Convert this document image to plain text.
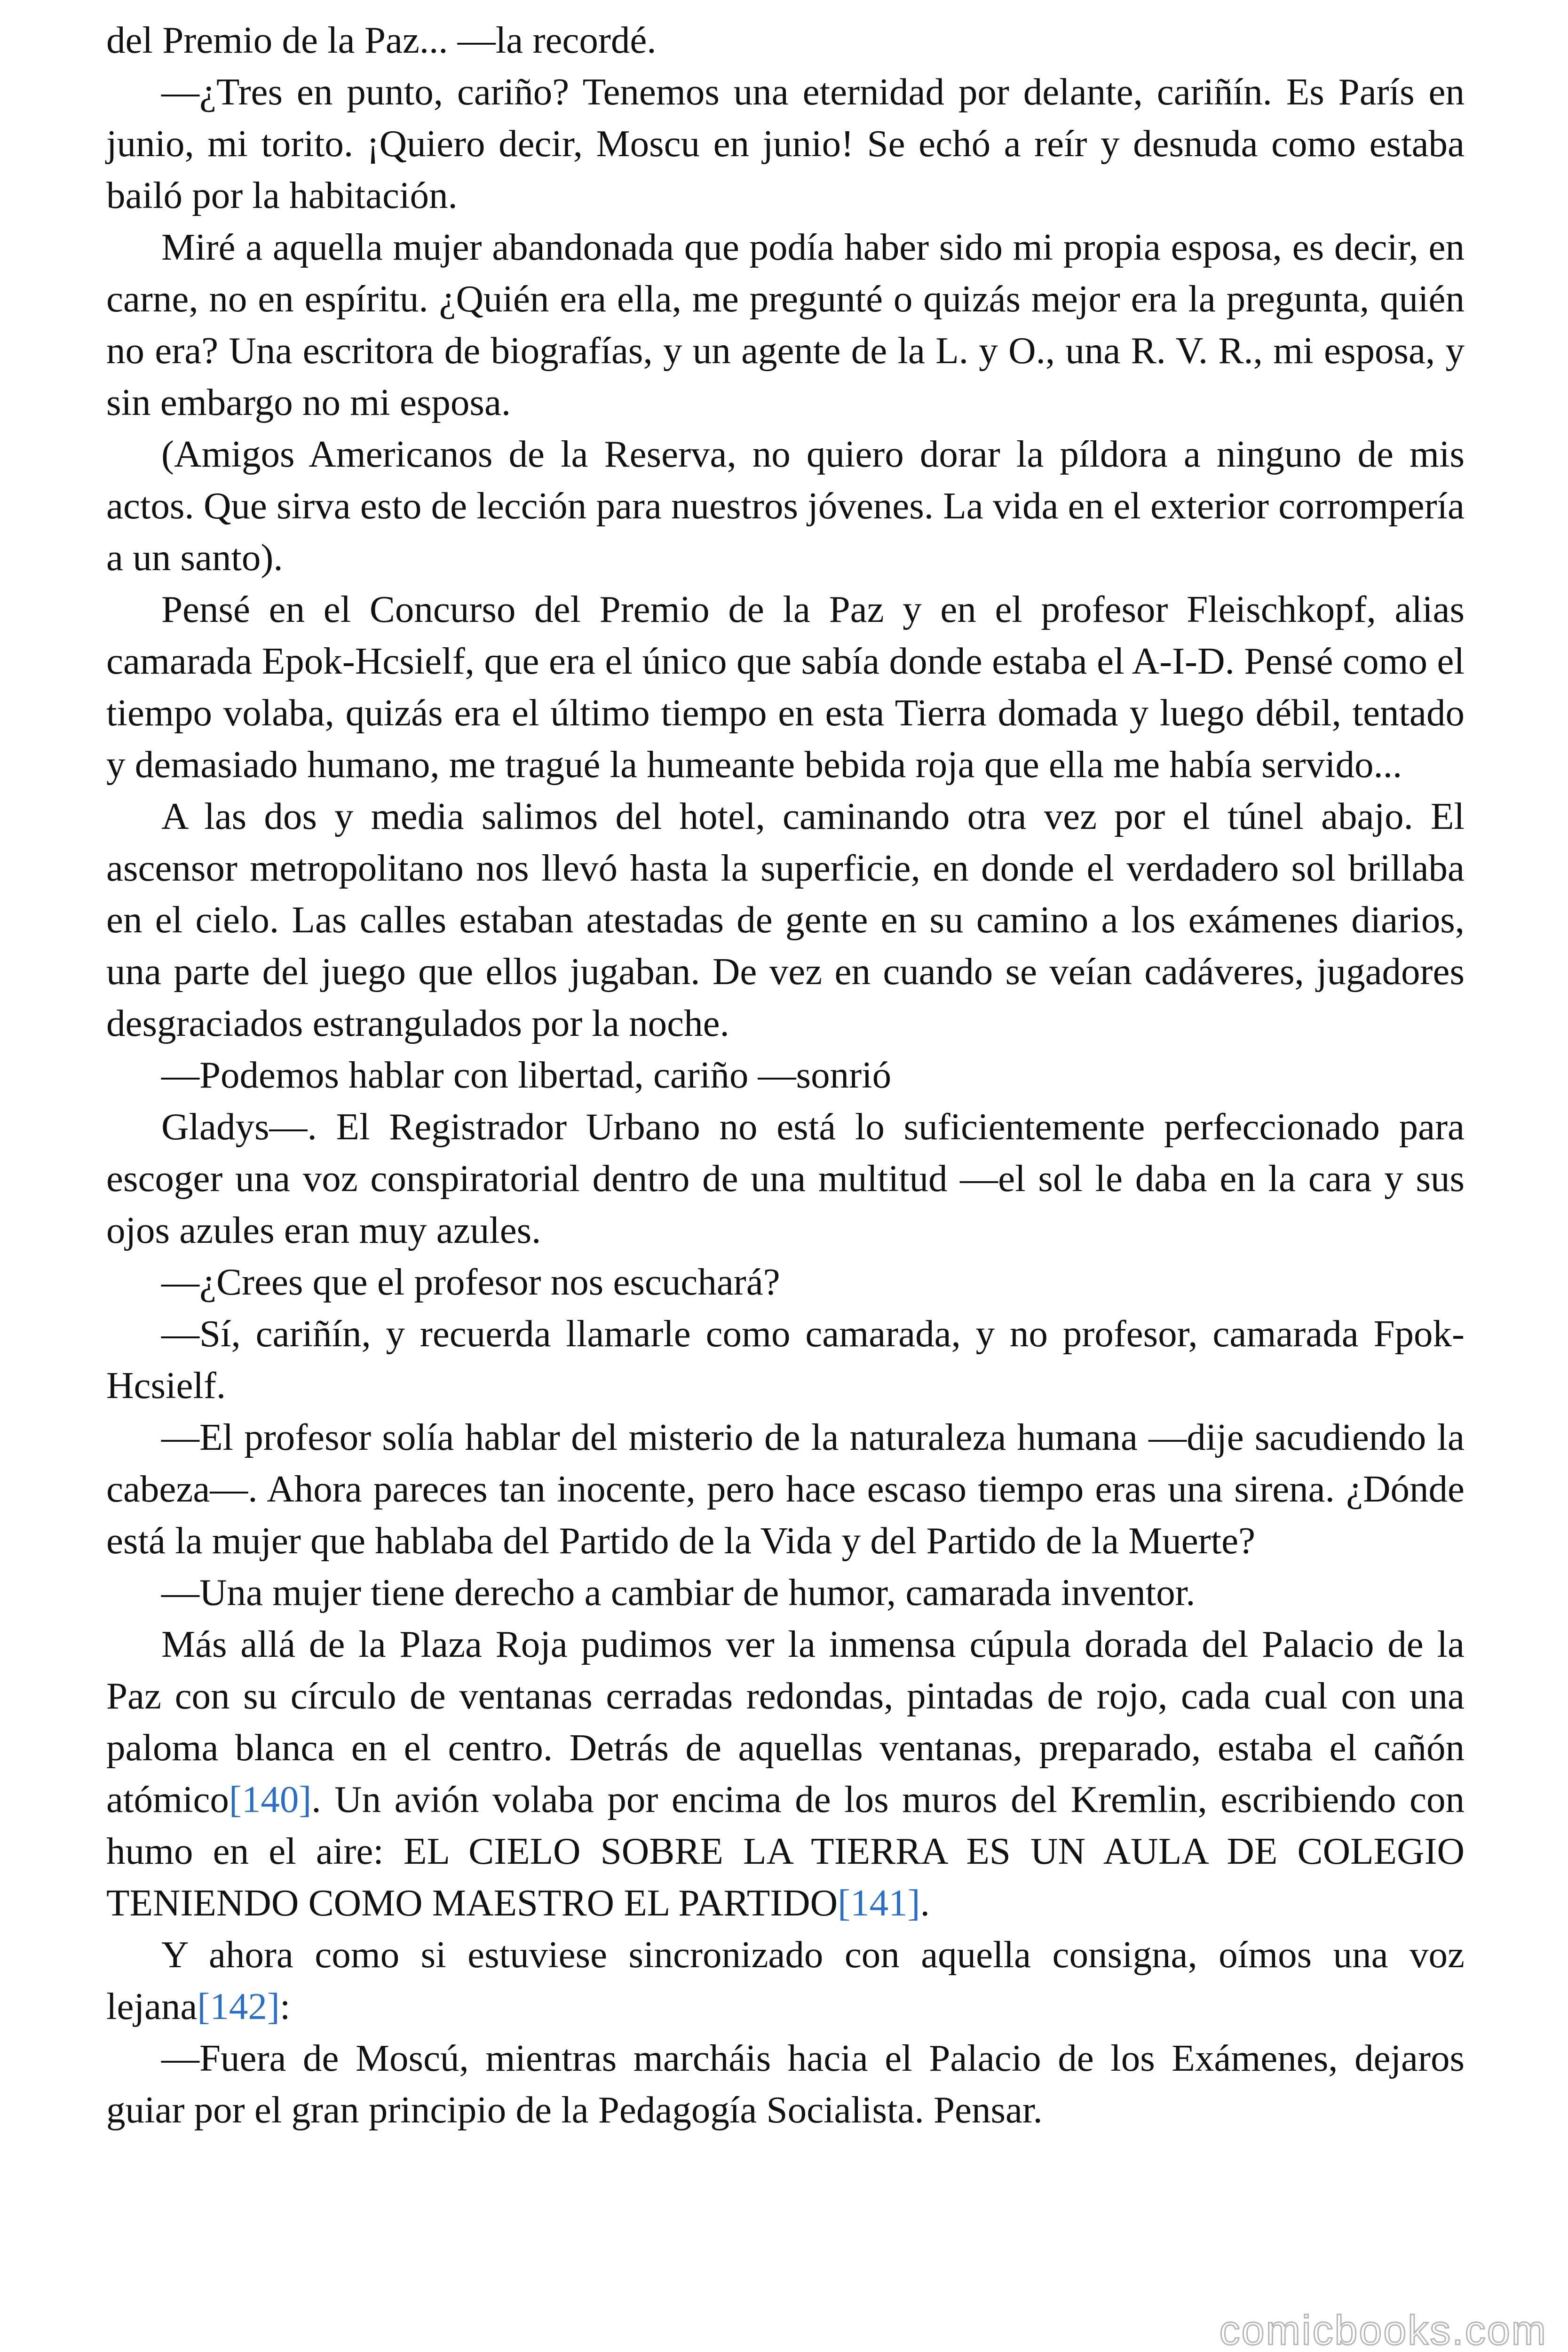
del Premio de la Paz... —la recordé.

—¿Tres en punto, cariño? Tenemos una eternidad por delante, cariñín. Es París en junio, mi torito. ¡Quiero decir, Moscu en junio! Se echó a reír y desnuda como estaba bailó por la habitación.

Miré a aquella mujer abandonada que podía haber sido mi propia esposa, es decir, en carne, no en espíritu. ¿Quién era ella, me pregunté o quizás mejor era la pregunta, quién no era? Una escritora de biografías, y un agente de la L. y O., una R. V. R., mi esposa, y sin embargo no mi esposa.

(Amigos Americanos de la Reserva, no quiero dorar la píldora a ninguno de mis actos. Que sirva esto de lección para nuestros jóvenes. La vida en el exterior corrompería a un santo).

Pensé en el Concurso del Premio de la Paz y en el profesor Fleischkopf, alias camarada Epok-Hcsielf, que era el único que sabía donde estaba el A-I-D. Pensé como el tiempo volaba, quizás era el último tiempo en esta Tierra domada y luego débil, tentado y demasiado humano, me tragué la humeante bebida roja que ella me había servido...

A las dos y media salimos del hotel, caminando otra vez por el túnel abajo. El ascensor metropolitano nos llevó hasta la superficie, en donde el verdadero sol brillaba en el cielo. Las calles estaban atestadas de gente en su camino a los exámenes diarios, una parte del juego que ellos jugaban. De vez en cuando se veían cadáveres, jugadores desgraciados estrangulados por la noche.

—Podemos hablar con libertad, cariño —sonrió

Gladys—. El Registrador Urbano no está lo suficientemente perfeccionado para escoger una voz conspiratorial dentro de una multitud —el sol le daba en la cara y sus ojos azules eran muy azules.

—¿Crees que el profesor nos escuchará?

—Sí, cariñín, y recuerda llamarle como camarada, y no profesor, camarada Fpok-Hcsielf.

—El profesor solía hablar del misterio de la naturaleza humana —dije sacudiendo la cabeza—. Ahora pareces tan inocente, pero hace escaso tiempo eras una sirena. ¿Dónde está la mujer que hablaba del Partido de la Vida y del Partido de la Muerte?

—Una mujer tiene derecho a cambiar de humor, camarada inventor.

Más allá de la Plaza Roja pudimos ver la inmensa cúpula dorada del Palacio de la Paz con su círculo de ventanas cerradas redondas, pintadas de rojo, cada cual con una paloma blanca en el centro. Detrás de aquellas ventanas, preparado, estaba el cañón atómico[140]. Un avión volaba por encima de los muros del Kremlin, escribiendo con humo en el aire: EL CIELO SOBRE LA TIERRA ES UN AULA DE COLEGIO TENIENDO COMO MAESTRO EL PARTIDO[141].

Y ahora como si estuviese sincronizado con aquella consigna, oímos una voz lejana[142]:

—Fuera de Moscú, mientras marcháis hacia el Palacio de los Exámenes, dejaros guiar por el gran principio de la Pedagogía Socialista. Pensar.

comicbooks.com
